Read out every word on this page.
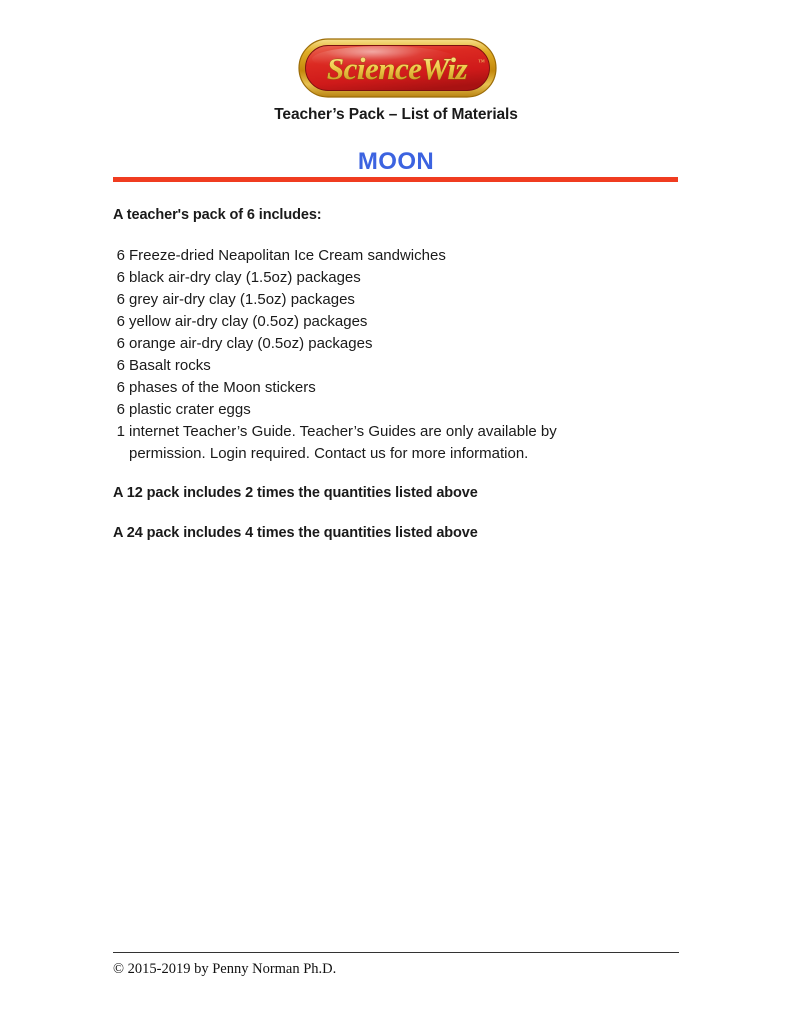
ScienceWiz ™
Teacher’s Pack – List of Materials
MOON
A teacher's pack of 6 includes:
6 Freeze-dried Neapolitan Ice Cream sandwiches
6 black air-dry clay (1.5oz) packages
6 grey air-dry clay (1.5oz) packages
6 yellow air-dry clay (0.5oz) packages
6 orange air-dry clay (0.5oz) packages
6 Basalt rocks
6 phases of the Moon stickers
6 plastic crater eggs
1 internet Teacher’s Guide. Teacher’s Guides are only available by permission. Login required. Contact us for more information.
A 12 pack includes 2 times the quantities listed above
A 24 pack includes 4 times the quantities listed above
© 2015-2019 by Penny Norman Ph.D.
